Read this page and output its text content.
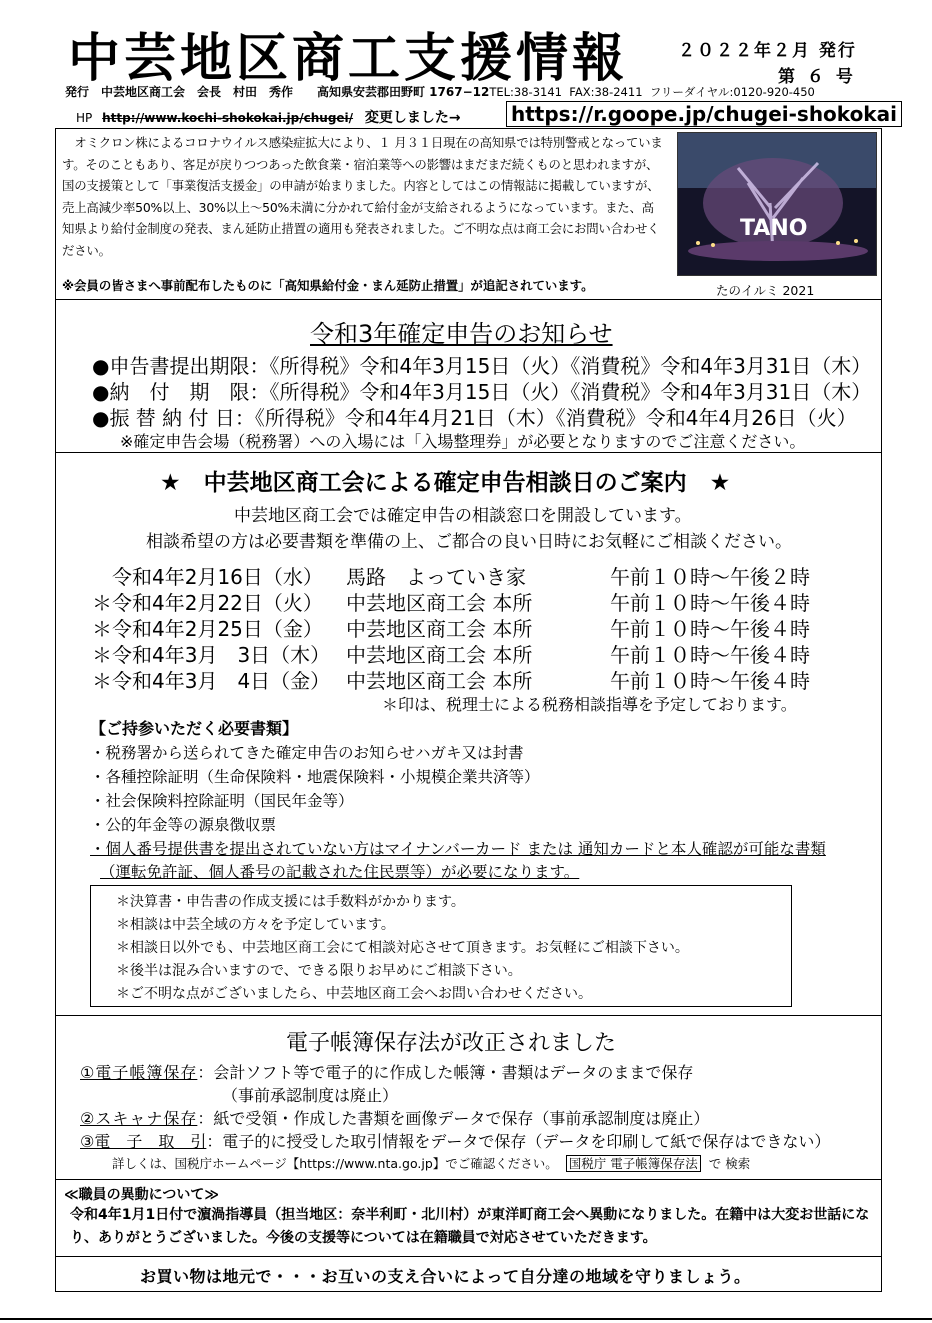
中芸地区商工支援情報	２０２２年２月 発行
第 ６ 号
発行　中芸地区商工会　会長　村田　秀作　　高知県安芸郡田野町 1767−12TEL:38-3141 FAX:38-2411 フリーダイヤル:0120-920-450
HP http://www.kochi-shokokai.jp/chugei/ 変更しました→	https://r.goope.jp/chugei-shokokai
オミクロン株によるコロナウイルス感染症拡大により、１ 月３１日現在の高知県では特別警戒となっています。そのこともあり、客足が戻りつつあった飲食業・宿泊業等への影響はまだまだ続くものと思われますが、国の支援策として「事業復活支援金」の申請が始まりました。内容としてはこの情報誌に掲載していますが、売上高減少率50%以上、30%以上～50%未満に分かれて給付金が支給されるようになっています。また、高知県より給付金制度の発表、まん延防止措置の適用も発表されました。ご不明な点は商工会にお問い合わせください。
※会員の皆さまへ事前配布したものに「高知県給付金・まん延防止措置」が追記されています。
TANO
たのイルミ 2021
令和3年確定申告のお知らせ
●申告書提出期限：《所得税》令和4年3月15日（火）《消費税》令和4年3月31日（木）
●納　付　期　限：《所得税》令和4年3月15日（火）《消費税》令和4年3月31日（木）
●振 替 納 付 日：《所得税》令和4年4月21日（木）《消費税》令和4年4月26日（火）
※確定申告会場（税務署）への入場には「入場整理券」が必要となりますのでご注意ください。
★　中芸地区商工会による確定申告相談日のご案内　★
中芸地区商工会では確定申告の相談窓口を開設しています。
相談希望の方は必要書類を準備の上、ご都合の良い日時にお気軽にご相談ください。
令和4年2月16日（水） 馬路　よっていき家	午前１０時～午後２時
＊令和4年2月22日（火） 中芸地区商工会 本所	午前１０時～午後４時
＊令和4年2月25日（金） 中芸地区商工会 本所	午前１０時～午後４時
＊令和4年3月　3日（木） 中芸地区商工会 本所	午前１０時～午後４時
＊令和4年3月　4日（金） 中芸地区商工会 本所	午前１０時～午後４時
＊印は、税理士による税務相談指導を予定しております。
【ご持参いただく必要書類】
・税務署から送られてきた確定申告のお知らせハガキ又は封書
・各種控除証明（生命保険料・地震保険料・小規模企業共済等）
・社会保険料控除証明（国民年金等）
・公的年金等の源泉徴収票
・個人番号提供書を提出されていない方はマイナンバーカード または 通知カードと本人確認が可能な書類
（運転免許証、個人番号の記載された住民票等）が必要になります。
＊決算書・申告書の作成支援には手数料がかかります。
＊相談は中芸全域の方々を予定しています。
＊相談日以外でも、中芸地区商工会にて相談対応させて頂きます。お気軽にご相談下さい。
＊後半は混み合いますので、できる限りお早めにご相談下さい。
＊ご不明な点がございましたら、中芸地区商工会へお問い合わせください。
電子帳簿保存法が改正されました
①電子帳簿保存：会計ソフト等で電子的に作成した帳簿・書類はデータのままで保存
（事前承認制度は廃止）
②スキャナ保存：紙で受領・作成した書類を画像データで保存（事前承認制度は廃止）
③電　子　取　引：電子的に授受した取引情報をデータで保存（データを印刷して紙で保存はできない）
詳しくは、国税庁ホームページ【https://www.nta.go.jp】でご確認ください。 国税庁 電子帳簿保存法 で 検索
≪職員の異動について≫
令和4年1月1日付で濵渦指導員（担当地区：奈半利町・北川村）が東洋町商工会へ異動になりました。在籍中は大変お世話になり、ありがとうございました。今後の支援等については在籍職員で対応させていただきます。
お買い物は地元で・・・お互いの支え合いによって自分達の地域を守りましょう。
